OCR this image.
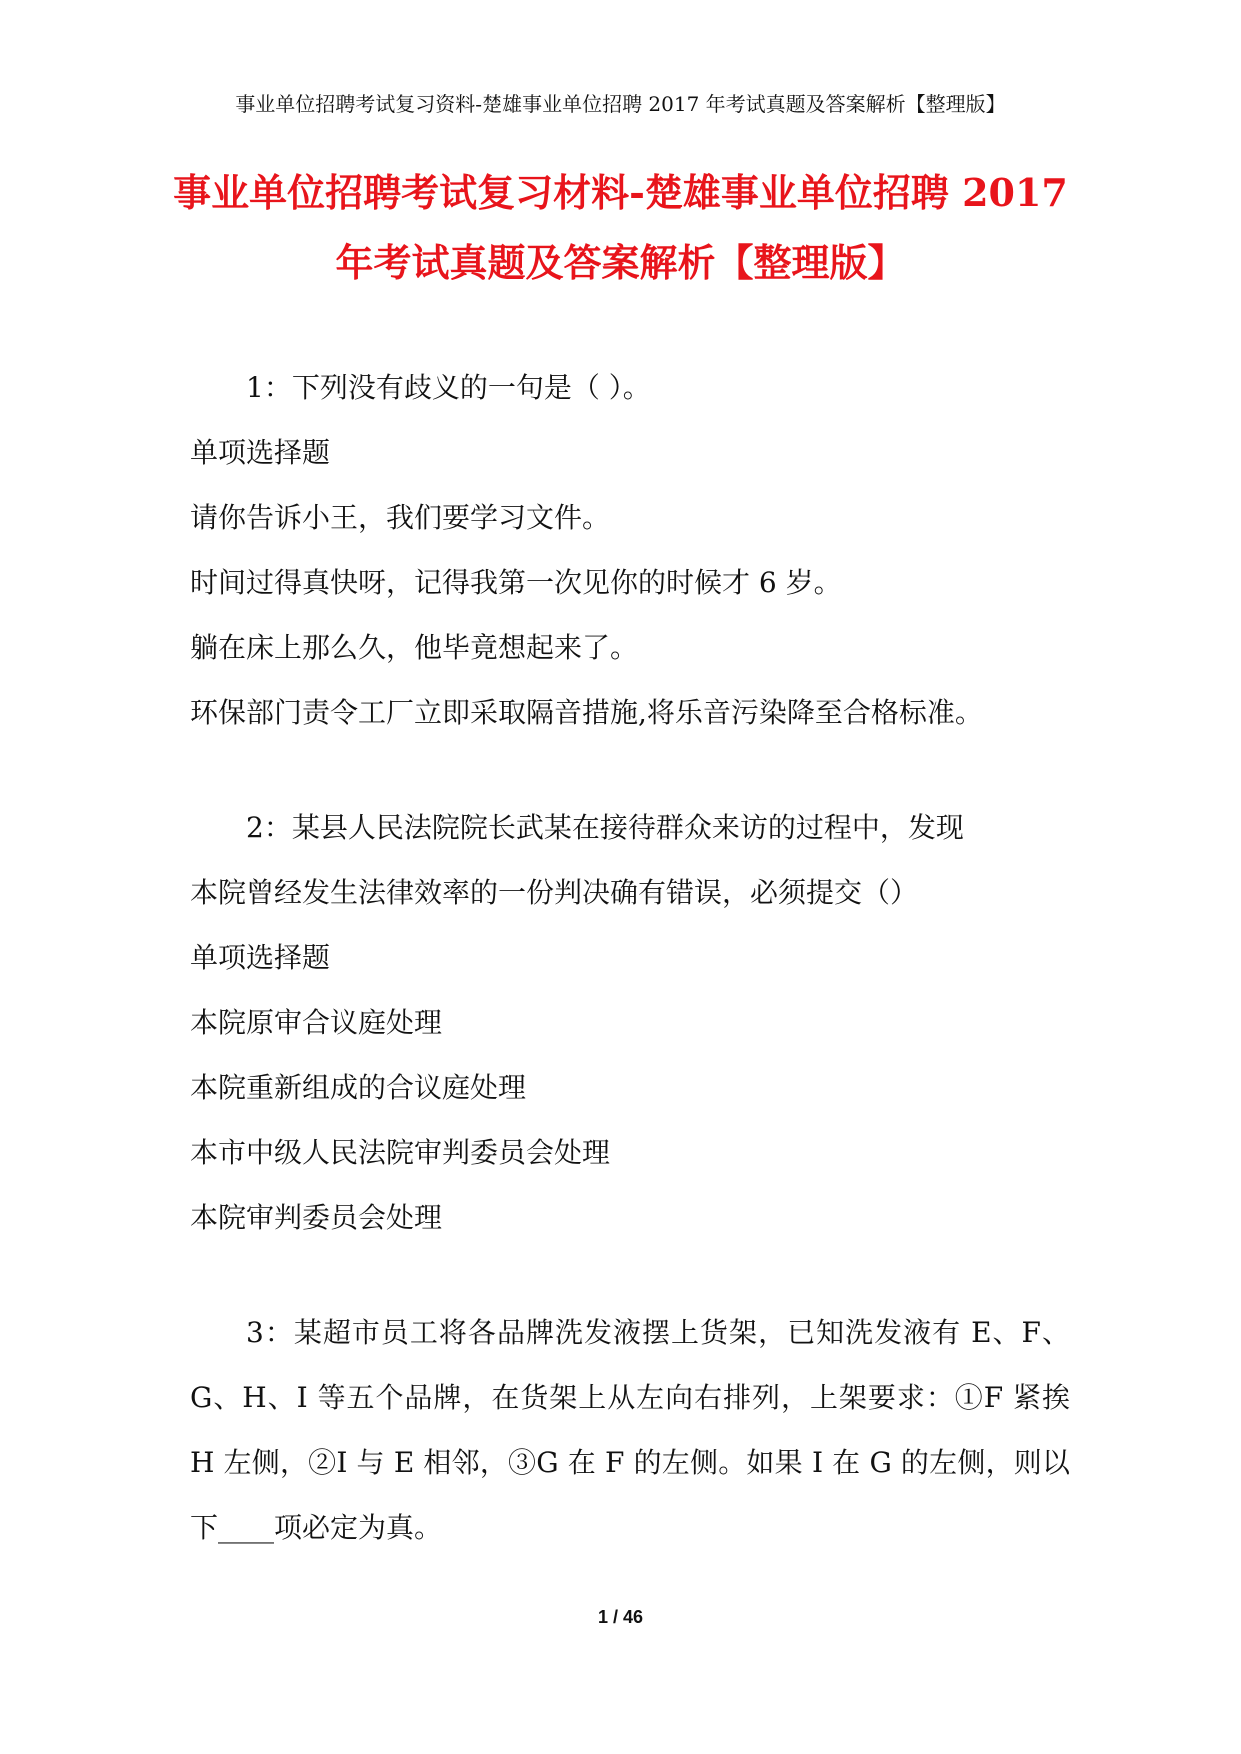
事业单位招聘考试复习资料-楚雄事业单位招聘 2017 年考试真题及答案解析【整理版】
事业单位招聘考试复习材料-楚雄事业单位招聘 2017
年考试真题及答案解析【整理版】
1：下列没有歧义的一句是（ ）。
单项选择题
请你告诉小王，我们要学习文件。
时间过得真快呀，记得我第一次见你的时候才 6 岁。
躺在床上那么久，他毕竟想起来了。
环保部门责令工厂立即采取隔音措施,将乐音污染降至合格标准。
2：某县人民法院院长武某在接待群众来访的过程中，发现
本院曾经发生法律效率的一份判决确有错误，必须提交（）
单项选择题
本院原审合议庭处理
本院重新组成的合议庭处理
本市中级人民法院审判委员会处理
本院审判委员会处理
3：某超市员工将各品牌洗发液摆上货架，已知洗发液有 E、F、G、H、I 等五个品牌，在货架上从左向右排列，上架要求：①F 紧挨 H 左侧，②I 与 E 相邻，③G 在 F 的左侧。如果 I 在 G 的左侧，则以下____项必定为真。
1 / 46
